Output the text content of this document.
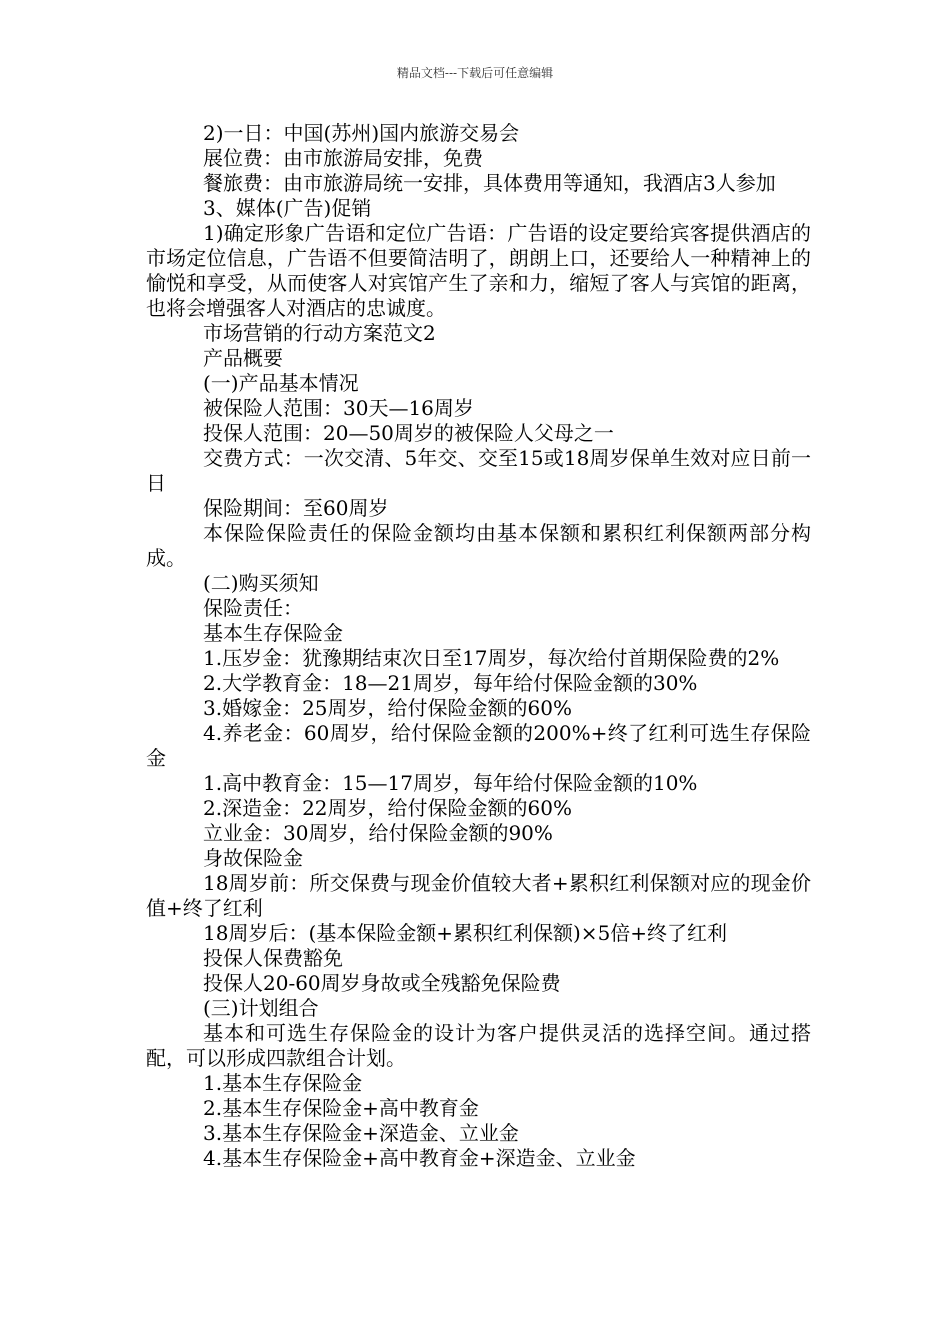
精品文档---下载后可任意编辑

2)一日：中国(苏州)国内旅游交易会

展位费：由市旅游局安排，免费

餐旅费：由市旅游局统一安排，具体费用等通知，我酒店3人参加

3、媒体(广告)促销

1)确定形象广告语和定位广告语：广告语的设定要给宾客提供酒店的市场定位信息，广告语不但要简洁明了，朗朗上口，还要给人一种精神上的愉悦和享受，从而使客人对宾馆产生了亲和力，缩短了客人与宾馆的距离，也将会增强客人对酒店的忠诚度。

市场营销的行动方案范文2

产品概要

(一)产品基本情况

被保险人范围：30天—16周岁

投保人范围：20—50周岁的被保险人父母之一

交费方式：一次交清、5年交、交至15或18周岁保单生效对应日前一日

保险期间：至60周岁

本保险保险责任的保险金额均由基本保额和累积红利保额两部分构成。

(二)购买须知

保险责任：

基本生存保险金

1.压岁金：犹豫期结束次日至17周岁，每次给付首期保险费的2%

2.大学教育金：18—21周岁，每年给付保险金额的30%

3.婚嫁金：25周岁，给付保险金额的60%

4.养老金：60周岁，给付保险金额的200%+终了红利可选生存保险金

1.高中教育金：15—17周岁，每年给付保险金额的10%

2.深造金：22周岁，给付保险金额的60%

立业金：30周岁，给付保险金额的90%

身故保险金

18周岁前：所交保费与现金价值较大者+累积红利保额对应的现金价值+终了红利

18周岁后：(基本保险金额+累积红利保额)×5倍+终了红利

投保人保费豁免

投保人20-60周岁身故或全残豁免保险费

(三)计划组合

基本和可选生存保险金的设计为客户提供灵活的选择空间。通过搭配，可以形成四款组合计划。

1.基本生存保险金

2.基本生存保险金+高中教育金

3.基本生存保险金+深造金、立业金

4.基本生存保险金+高中教育金+深造金、立业金
